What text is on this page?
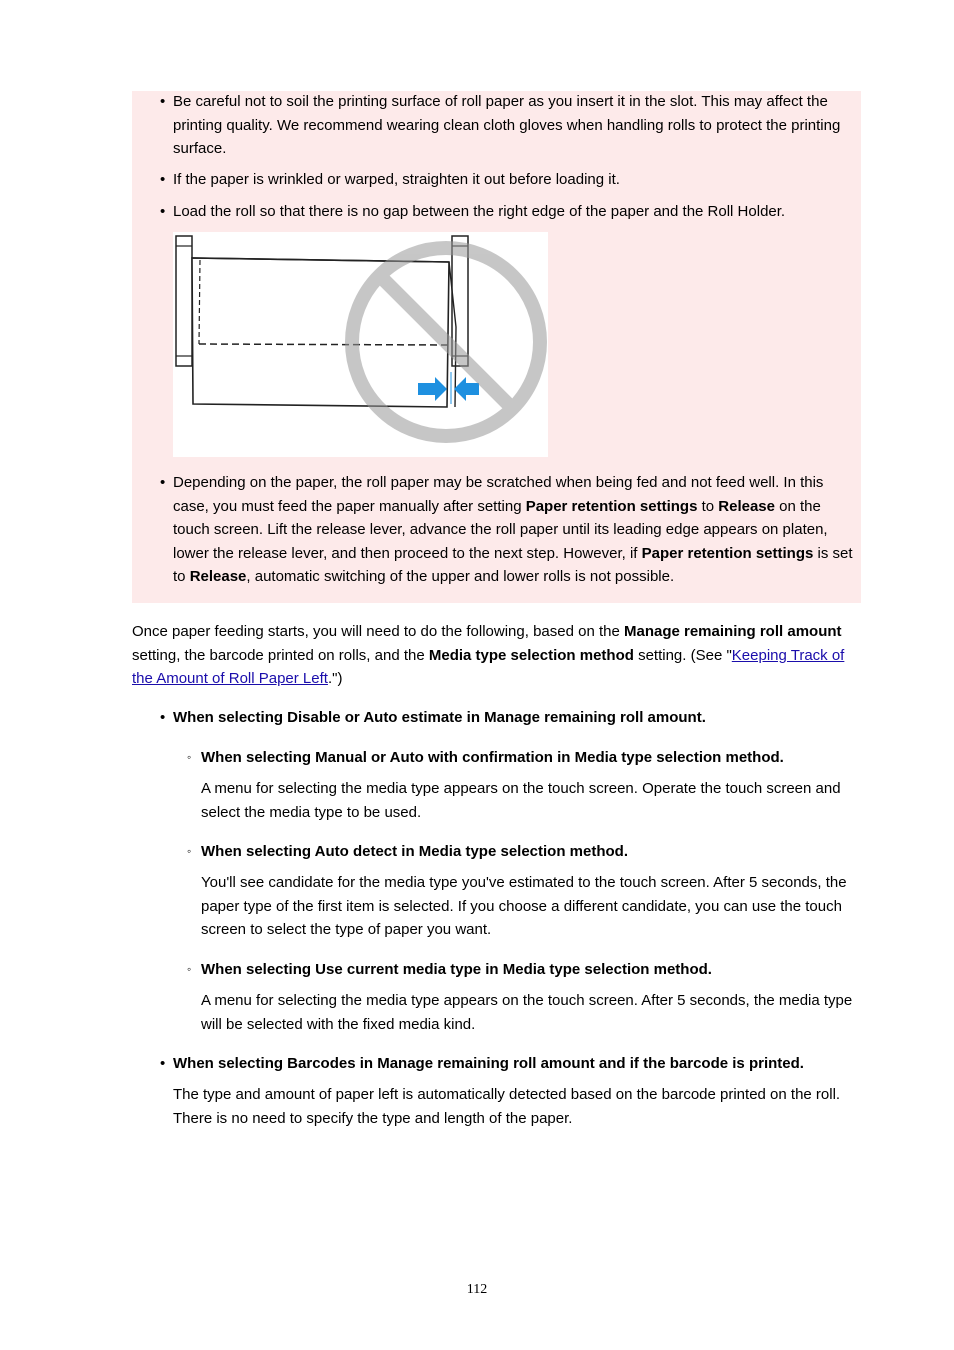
• Be careful not to soil the printing surface of roll paper as you insert it in the slot. This may affect the printing quality. We recommend wearing clean cloth gloves when handling rolls to protect the printing surface.
• If the paper is wrinkled or warped, straighten it out before loading it.
• Load the roll so that there is no gap between the right edge of the paper and the Roll Holder.
• Depending on the paper, the roll paper may be scratched when being fed and not feed well. In this case, you must feed the paper manually after setting Paper retention settings to Release on the touch screen. Lift the release lever, advance the roll paper until its leading edge appears on platen, lower the release lever, and then proceed to the next step. However, if Paper retention settings is set to Release, automatic switching of the upper and lower rolls is not possible.
Once paper feeding starts, you will need to do the following, based on the Manage remaining roll amount setting, the barcode printed on rolls, and the Media type selection method setting. (See "Keeping Track of the Amount of Roll Paper Left.")
• When selecting Disable or Auto estimate in Manage remaining roll amount.
◦ When selecting Manual or Auto with confirmation in Media type selection method.
A menu for selecting the media type appears on the touch screen. Operate the touch screen and select the media type to be used.
◦ When selecting Auto detect in Media type selection method.
You'll see candidate for the media type you've estimated to the touch screen. After 5 seconds, the paper type of the first item is selected. If you choose a different candidate, you can use the touch screen to select the type of paper you want.
◦ When selecting Use current media type in Media type selection method.
A menu for selecting the media type appears on the touch screen. After 5 seconds, the media type will be selected with the fixed media kind.
• When selecting Barcodes in Manage remaining roll amount and if the barcode is printed.
The type and amount of paper left is automatically detected based on the barcode printed on the roll. There is no need to specify the type and length of the paper.
112
